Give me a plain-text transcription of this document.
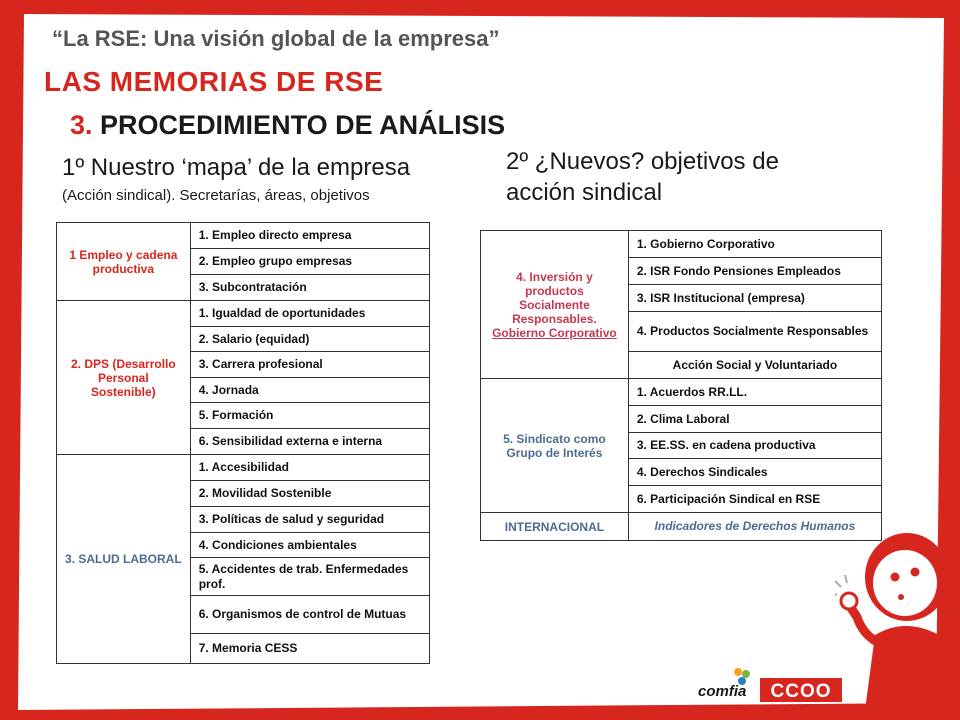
“La RSE: Una visión global de la empresa”
LAS MEMORIAS DE RSE
3. PROCEDIMIENTO DE ANÁLISIS
1º Nuestro ‘mapa’ de la empresa
(Acción sindical). Secretarías, áreas, objetivos
2º ¿Nuevos? objetivos de
acción sindical
1 Empleo y cadena productiva	1. Empleo directo empresa
	2. Empleo grupo empresas
	3. Subcontratación
2. DPS (Desarrollo Personal Sostenible)	1. Igualdad de oportunidades
	2. Salario (equidad)
	3. Carrera profesional
	4. Jornada
	5. Formación
	6. Sensibilidad externa e interna
3. SALUD LABORAL	1. Accesibilidad
	2. Movilidad Sostenible
	3. Políticas de salud y seguridad
	4. Condiciones ambientales
	5. Accidentes de trab. Enfermedades prof.
	6. Organismos de control de Mutuas
	7. Memoria CESS
4. Inversión y productos Socialmente Responsables.
Gobierno Corporativo	1. Gobierno Corporativo
	2. ISR Fondo Pensiones Empleados
	3. ISR Institucional (empresa)
	4. Productos Socialmente Responsables
	Acción Social y Voluntariado
5. Sindicato como Grupo de Interés	1. Acuerdos RR.LL.
	2. Clima Laboral
	3. EE.SS. en cadena productiva
	4. Derechos Sindicales
	6. Participación Sindical en RSE
INTERNACIONAL	Indicadores de Derechos Humanos
comfia CCOO
